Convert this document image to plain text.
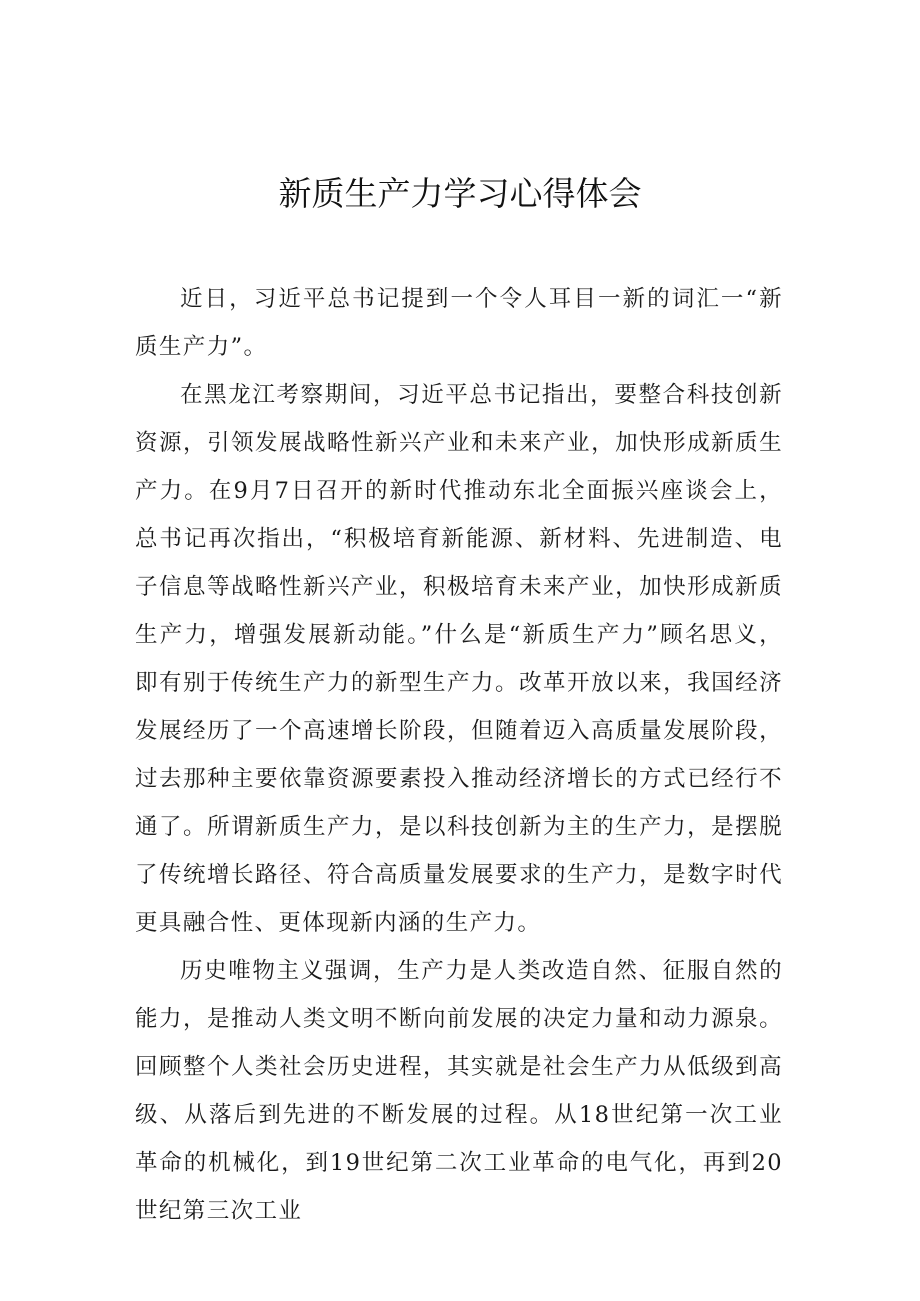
新质生产力学习心得体会

近日，习近平总书记提到一个令人耳目一新的词汇一“新质生产力”。

在黑龙江考察期间，习近平总书记指出，要整合科技创新资源，引领发展战略性新兴产业和未来产业，加快形成新质生产力。在9月7日召开的新时代推动东北全面振兴座谈会上，总书记再次指出，“积极培育新能源、新材料、先进制造、电子信息等战略性新兴产业，积极培育未来产业，加快形成新质生产力，增强发展新动能。”什么是“新质生产力”顾名思义，即有别于传统生产力的新型生产力。改革开放以来，我国经济发展经历了一个高速增长阶段，但随着迈入高质量发展阶段，过去那种主要依靠资源要素投入推动经济增长的方式已经行不通了。所谓新质生产力，是以科技创新为主的生产力，是摆脱了传统增长路径、符合高质量发展要求的生产力，是数字时代更具融合性、更体现新内涵的生产力。

历史唯物主义强调，生产力是人类改造自然、征服自然的能力，是推动人类文明不断向前发展的决定力量和动力源泉。回顾整个人类社会历史进程，其实就是社会生产力从低级到高级、从落后到先进的不断发展的过程。从18世纪第一次工业革命的机械化，到19世纪第二次工业革命的电气化，再到20世纪第三次工业
